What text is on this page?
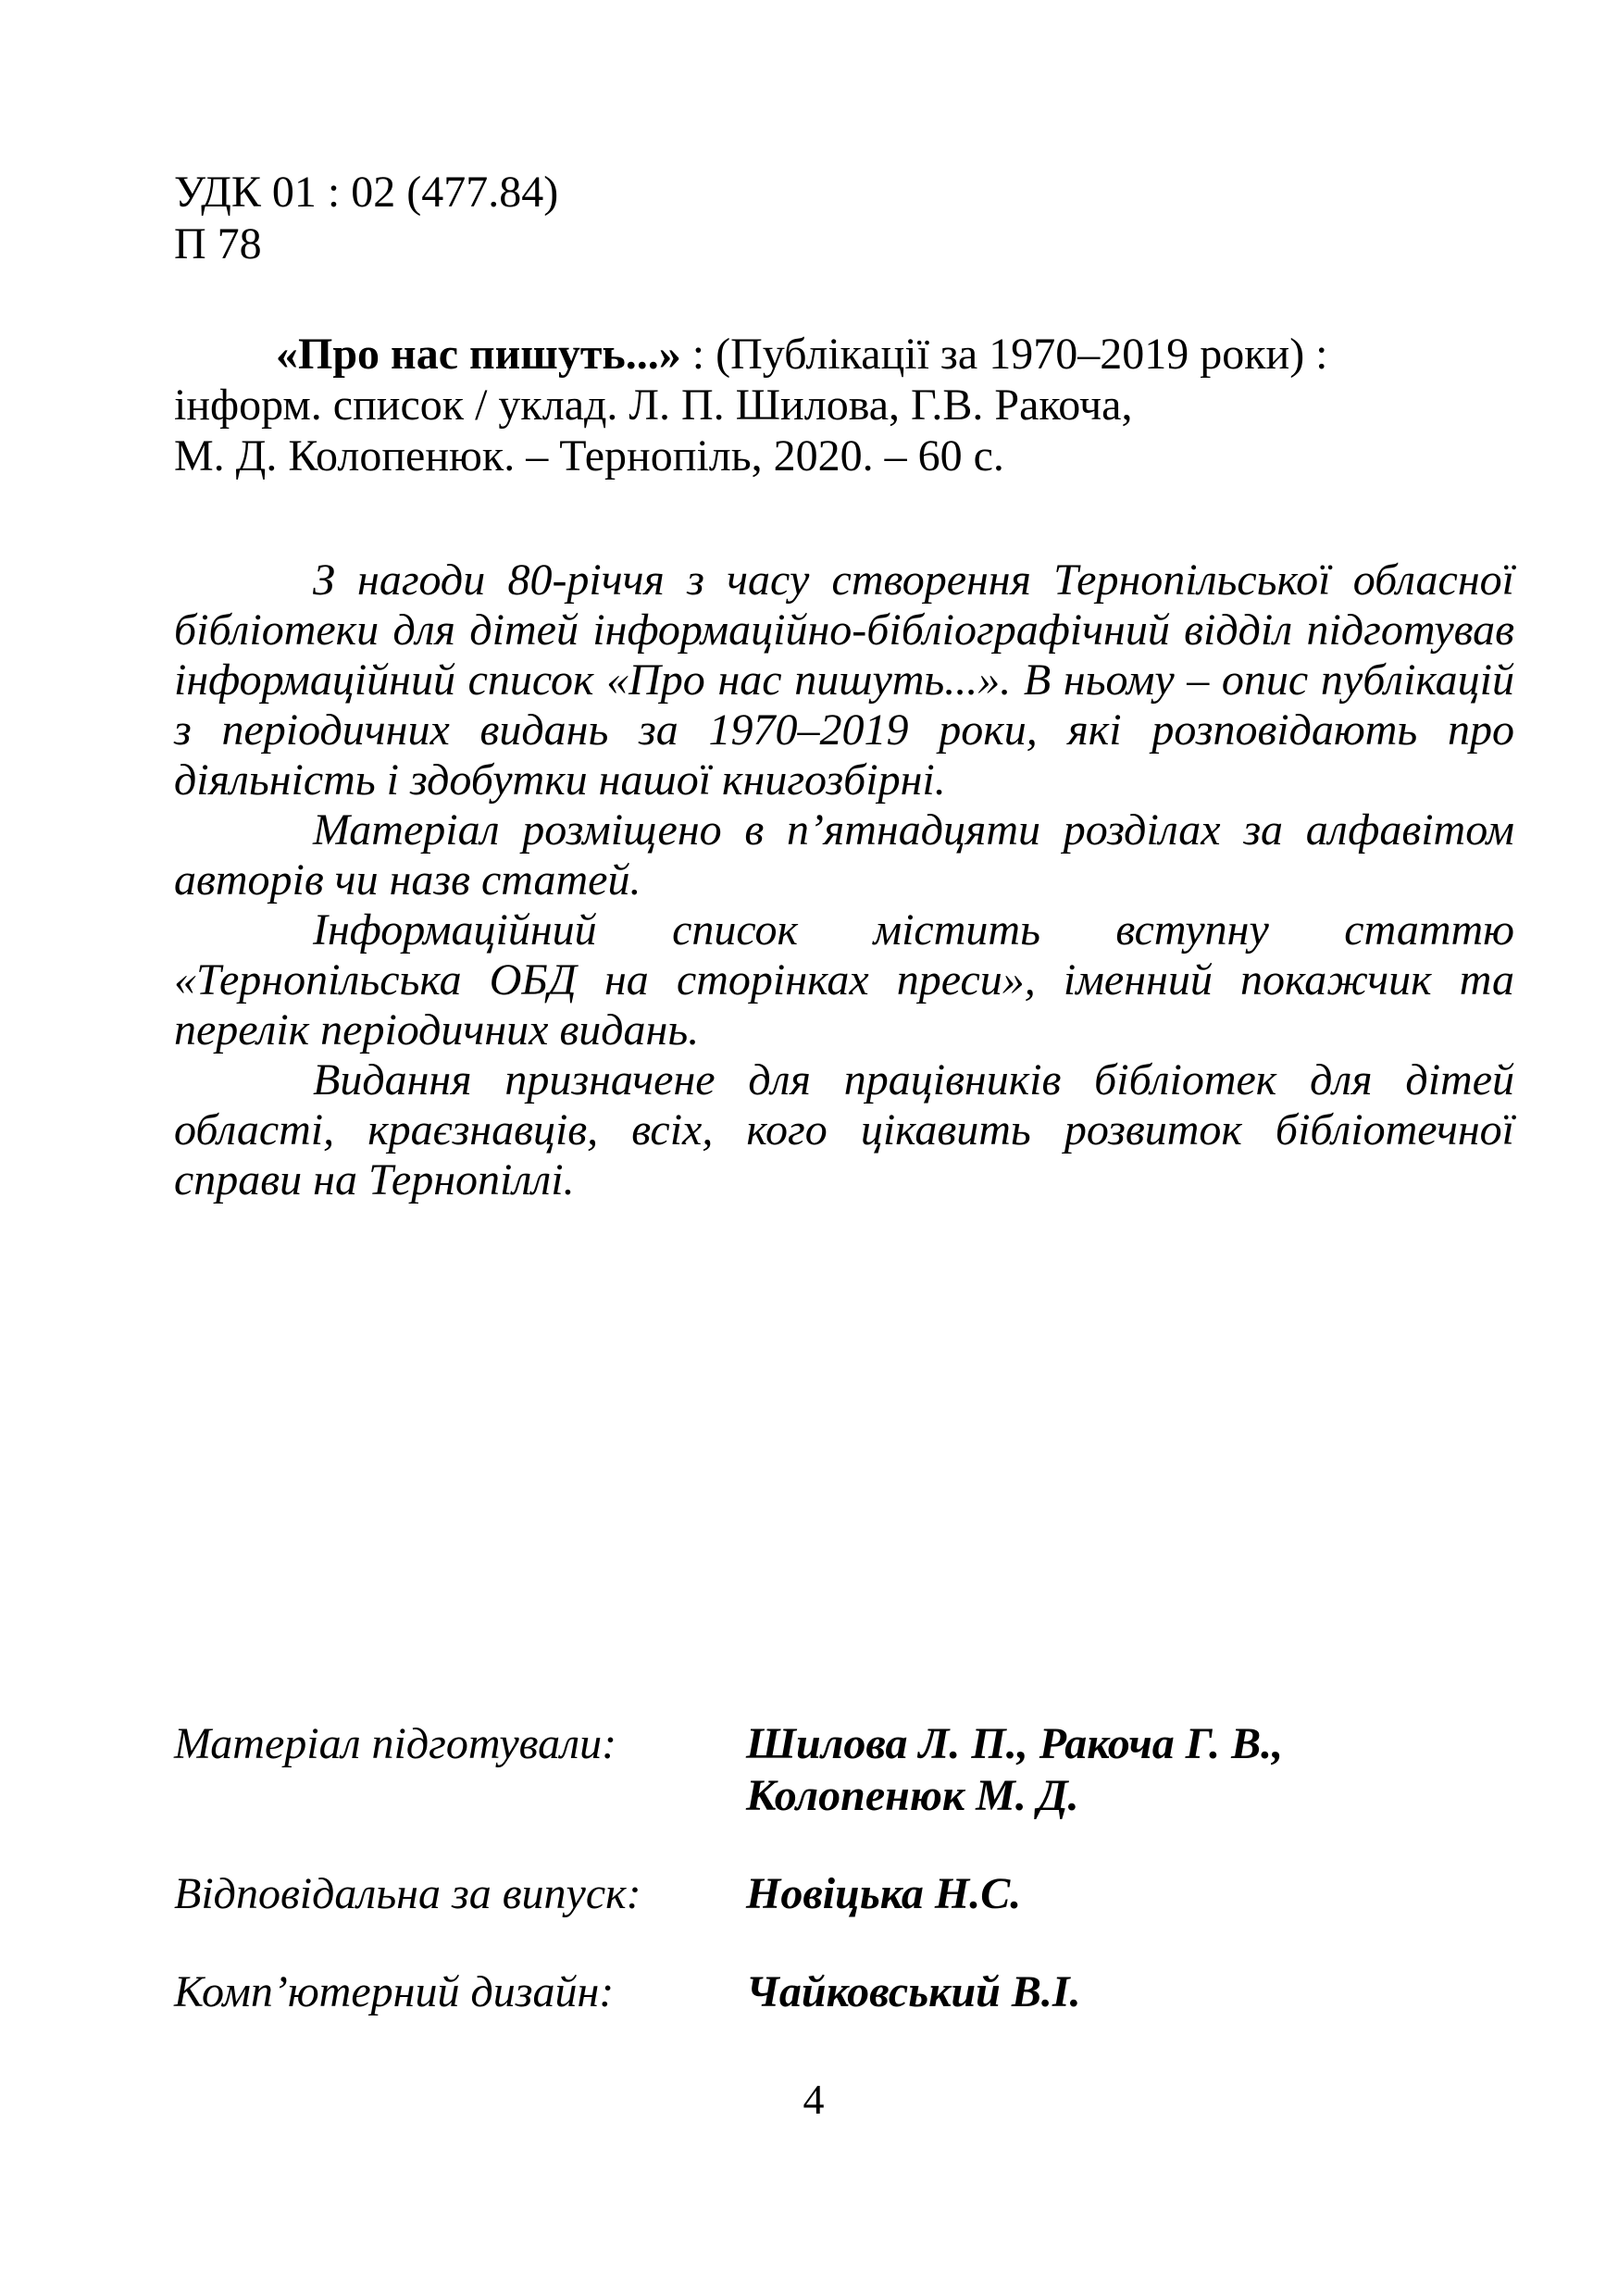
УДК 01 : 02 (477.84)
П 78
«Про нас пишуть...» : (Публікації за 1970–2019 роки) :
інформ. список / уклад. Л. П. Шилова, Г.В. Ракоча,
М. Д. Колопенюк. – Тернопіль, 2020. – 60 с.

З нагоди 80-річчя з часу створення Тернопільської обласної бібліотеки для дітей інформаційно-бібліографічний відділ підготував інформаційний список «Про нас пишуть...». В ньому – опис публікацій з періодичних видань за 1970–2019 роки, які розповідають про діяльність і здобутки нашої книгозбірні.

Матеріал розміщено в п’ятнадцяти розділах за алфавітом авторів чи назв статей.

Інформаційний список містить вступну статтю «Тернопільська ОБД на сторінках преси», іменний покажчик та перелік періодичних видань.

Видання призначене для працівників бібліотек для дітей області, краєзнавців, всіх, кого цікавить розвиток бібліотечної справи на Тернопіллі.

Матеріал підготували:	Шилова Л. П., Ракоча Г. В.,
Колопенюк М. Д.
Відповідальна за випуск: Новіцька Н.С.
Комп’ютерний дизайн:	Чайковський В.І.
4
